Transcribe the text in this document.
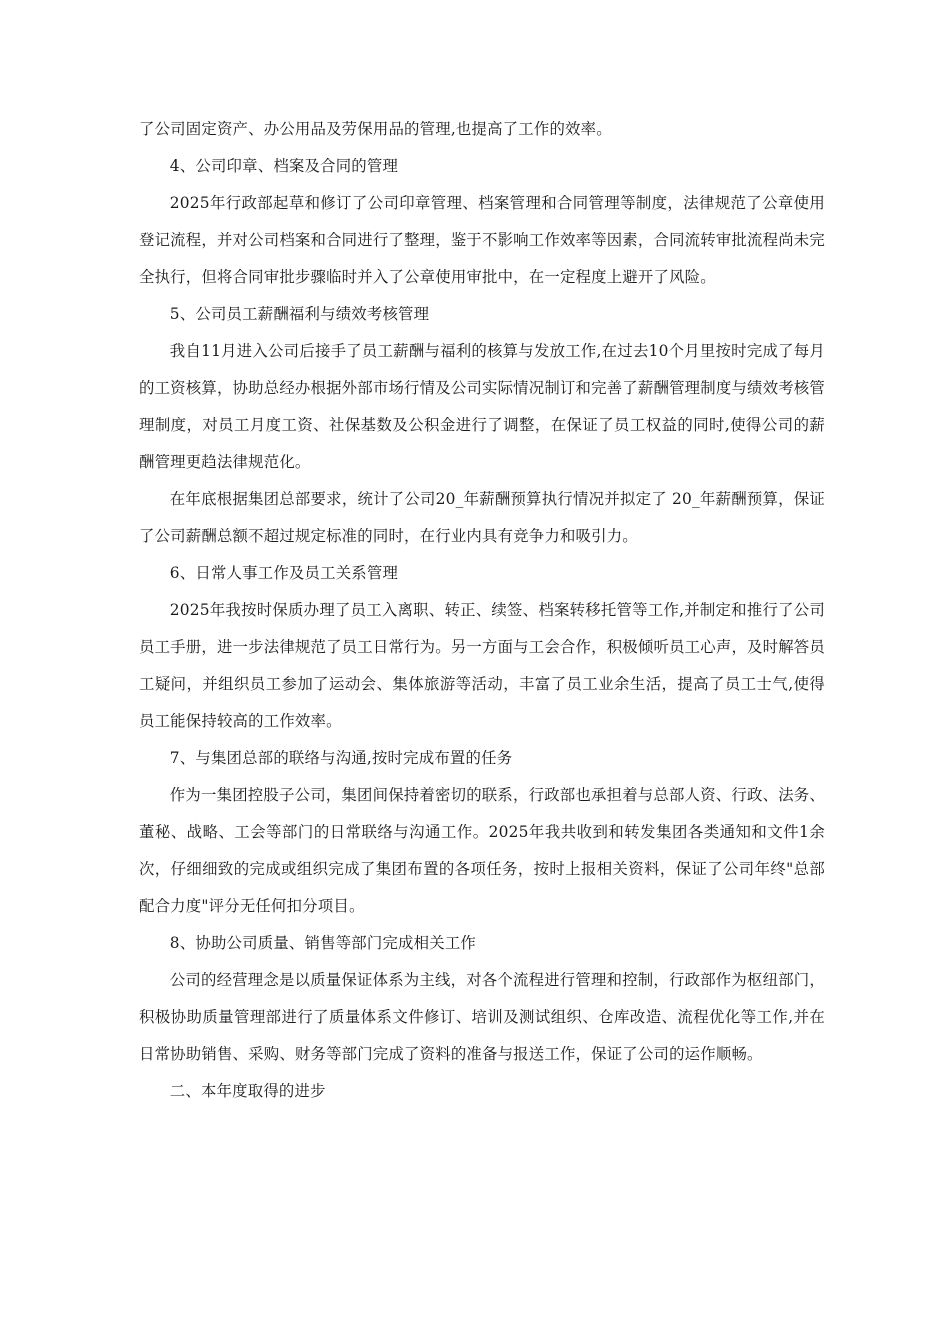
了公司固定资产、办公用品及劳保用品的管理,也提高了工作的效率。

4、公司印章、档案及合同的管理

2025年行政部起草和修订了公司印章管理、档案管理和合同管理等制度，法律规范了公章使用登记流程，并对公司档案和合同进行了整理，鉴于不影响工作效率等因素，合同流转审批流程尚未完全执行，但将合同审批步骤临时并入了公章使用审批中，在一定程度上避开了风险。

5、公司员工薪酬福利与绩效考核管理

我自11月进入公司后接手了员工薪酬与福利的核算与发放工作,在过去10个月里按时完成了每月的工资核算，协助总经办根据外部市场行情及公司实际情况制订和完善了薪酬管理制度与绩效考核管理制度，对员工月度工资、社保基数及公积金进行了调整，在保证了员工权益的同时,使得公司的薪酬管理更趋法律规范化。

在年底根据集团总部要求，统计了公司20_年薪酬预算执行情况并拟定了 20_年薪酬预算，保证了公司薪酬总额不超过规定标准的同时，在行业内具有竞争力和吸引力。

6、日常人事工作及员工关系管理

2025年我按时保质办理了员工入离职、转正、续签、档案转移托管等工作,并制定和推行了公司员工手册，进一步法律规范了员工日常行为。另一方面与工会合作，积极倾听员工心声，及时解答员工疑问，并组织员工参加了运动会、集体旅游等活动，丰富了员工业余生活，提高了员工士气,使得员工能保持较高的工作效率。

7、与集团总部的联络与沟通,按时完成布置的任务

作为一集团控股子公司，集团间保持着密切的联系，行政部也承担着与总部人资、行政、法务、董秘、战略、工会等部门的日常联络与沟通工作。2025年我共收到和转发集团各类通知和文件1余次，仔细细致的完成或组织完成了集团布置的各项任务，按时上报相关资料，保证了公司年终"总部配合力度"评分无任何扣分项目。

8、协助公司质量、销售等部门完成相关工作

公司的经营理念是以质量保证体系为主线，对各个流程进行管理和控制，行政部作为枢纽部门，积极协助质量管理部进行了质量体系文件修订、培训及测试组织、仓库改造、流程优化等工作,并在日常协助销售、采购、财务等部门完成了资料的准备与报送工作，保证了公司的运作顺畅。

二、本年度取得的进步
